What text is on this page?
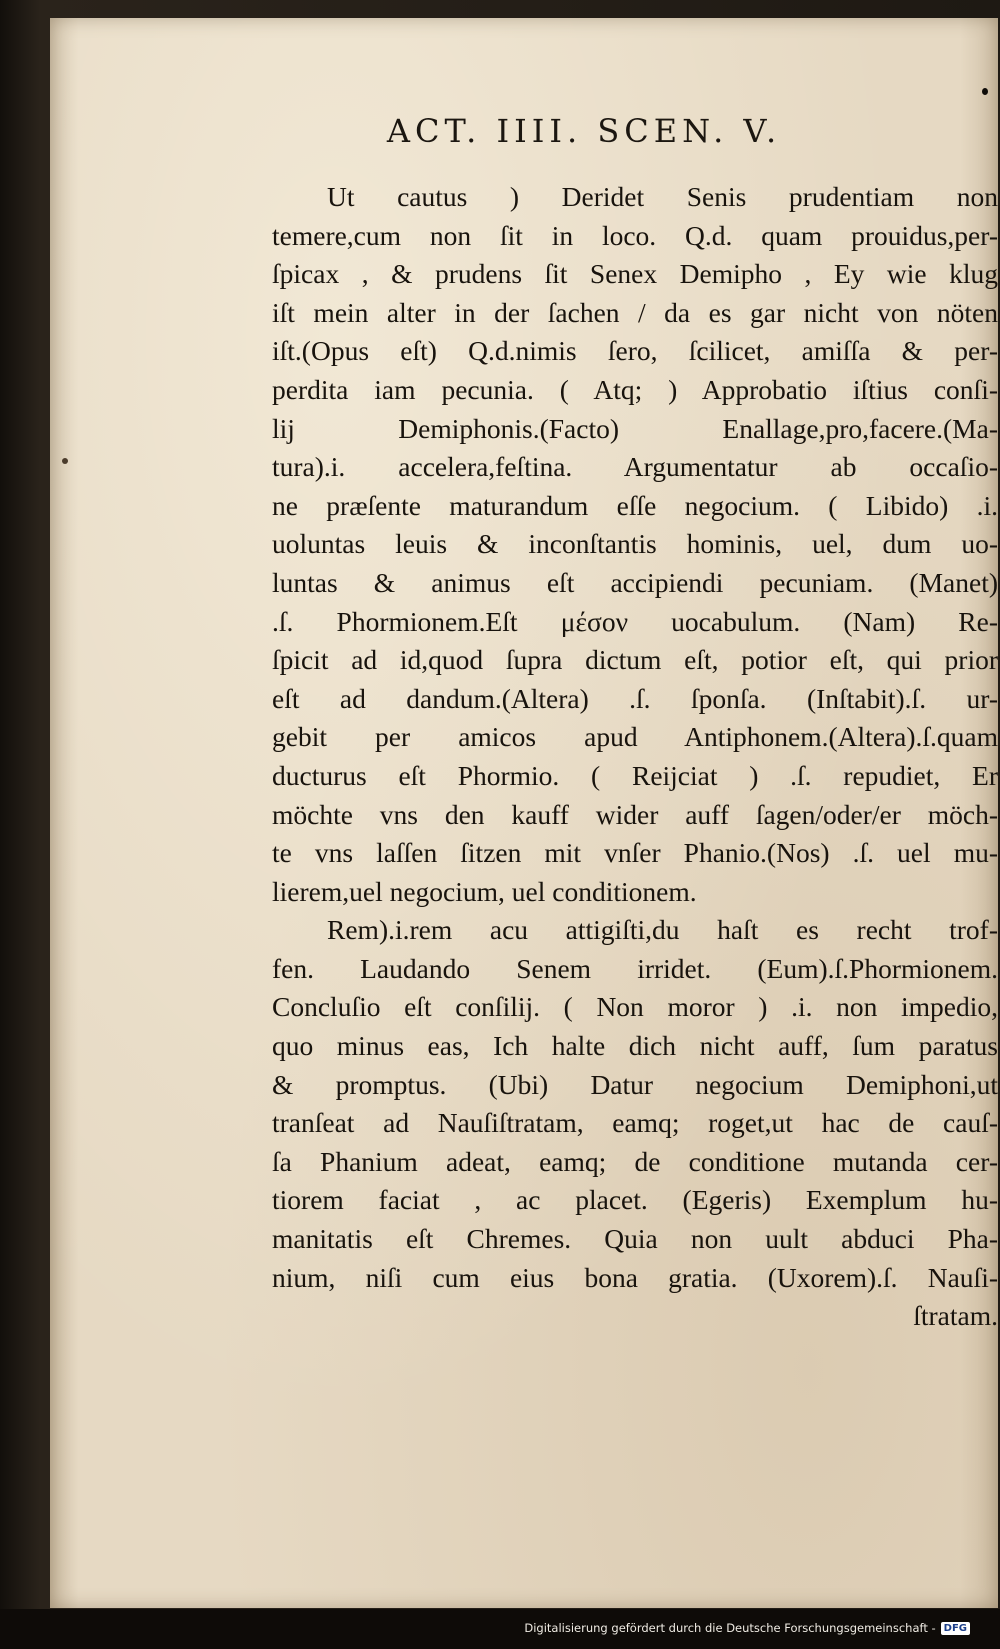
ACT. IIII. SCEN. V.
Ut cautus ) Deridet Senis prudentiam non
temere,cum non ſit in loco. Q.d. quam prouidus,per-
ſpicax , & prudens ſit Senex Demipho , Ey wie klug
iſt mein alter in der ſachen / da es gar nicht von nöten
iſt.(Opus eſt) Q.d.nimis ſero, ſcilicet, amiſſa & per-
perdita iam pecunia. ( Atq; ) Approbatio iſtius conſi-
lij Demiphonis.(Facto) Enallage,pro,facere.(Ma-
tura).i. accelera,feſtina. Argumentatur ab occaſio-
ne præſente maturandum eſſe negocium. ( Libido) .i.
uoluntas leuis & inconſtantis hominis, uel, dum uo-
luntas & animus eſt accipiendi pecuniam. (Manet)
.ſ. Phormionem.Eſt μέσον uocabulum. (Nam) Re-
ſpicit ad id,quod ſupra dictum eſt, potior eſt, qui prior
eſt ad dandum.(Altera) .ſ. ſponſa. (Inſtabit).ſ. ur-
gebit per amicos apud Antiphonem.(Altera).ſ.quam
ducturus eſt Phormio. ( Reijciat ) .ſ. repudiet, Er
möchte vns den kauff wider auff ſagen/oder/er möch-
te vns laſſen ſitzen mit vnſer Phanio.(Nos) .ſ. uel mu-
lierem,uel negocium, uel conditionem.
Rem).i.rem acu attigiſti,du haſt es recht trof-
fen. Laudando Senem irridet. (Eum).ſ.Phormionem.
Concluſio eſt conſilij. ( Non moror ) .i. non impedio,
quo minus eas, Ich halte dich nicht auff, ſum paratus
& promptus. (Ubi) Datur negocium Demiphoni,ut
tranſeat ad Nauſiſtratam, eamq; roget,ut hac de cauſ-
ſa Phanium adeat, eamq; de conditione mutanda cer-
tiorem faciat , ac placet. (Egeris) Exemplum hu-
manitatis eſt Chremes. Quia non uult abduci Pha-
nium, niſi cum eius bona gratia. (Uxorem).ſ. Nauſi-
ſtratam.
Digitalisierung gefördert durch die Deutsche Forschungsgemeinschaft - DFG
